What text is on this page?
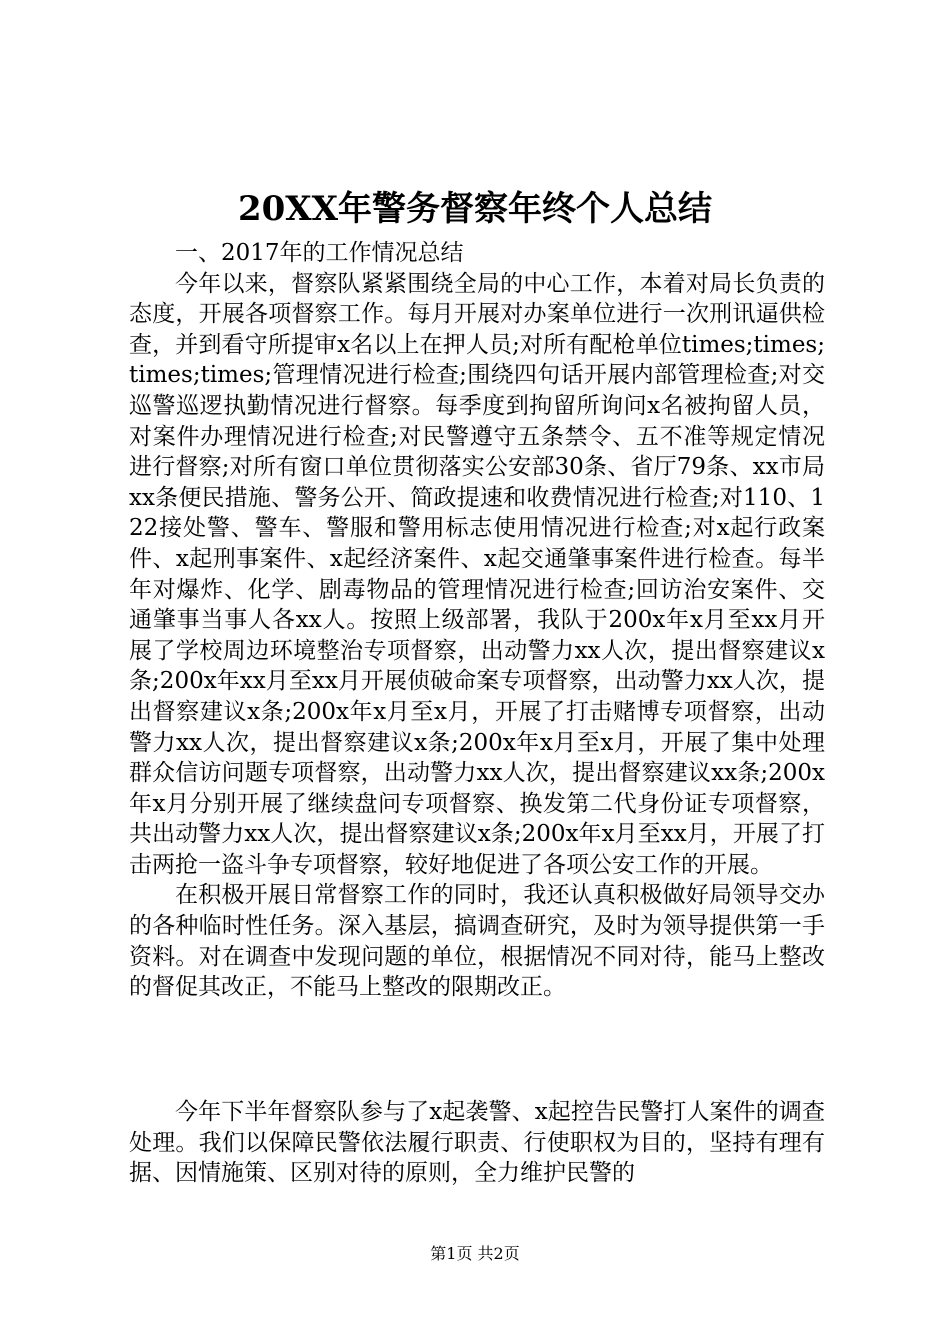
20XX年警务督察年终个人总结

一、2017年的工作情况总结

今年以来，督察队紧紧围绕全局的中心工作，本着对局长负责的态度，开展各项督察工作。每月开展对办案单位进行一次刑讯逼供检查，并到看守所提审x名以上在押人员;对所有配枪单位times;times;times;times;管理情况进行检查;围绕四句话开展内部管理检查;对交巡警巡逻执勤情况进行督察。每季度到拘留所询问x名被拘留人员，对案件办理情况进行检查;对民警遵守五条禁令、五不准等规定情况进行督察;对所有窗口单位贯彻落实公安部30条、省厅79条、xx市局xx条便民措施、警务公开、简政提速和收费情况进行检查;对110、122接处警、警车、警服和警用标志使用情况进行检查;对x起行政案件、x起刑事案件、x起经济案件、x起交通肇事案件进行检查。每半年对爆炸、化学、剧毒物品的管理情况进行检查;回访治安案件、交通肇事当事人各xx人。按照上级部署，我队于200x年x月至xx月开展了学校周边环境整治专项督察，出动警力xx人次，提出督察建议x条;200x年xx月至xx月开展侦破命案专项督察，出动警力xx人次，提出督察建议x条;200x年x月至x月，开展了打击赌博专项督察，出动警力xx人次，提出督察建议x条;200x年x月至x月，开展了集中处理群众信访问题专项督察，出动警力xx人次，提出督察建议xx条;200x年x月分别开展了继续盘问专项督察、换发第二代身份证专项督察，共出动警力xx人次，提出督察建议x条;200x年x月至xx月，开展了打击两抢一盗斗争专项督察，较好地促进了各项公安工作的开展。

在积极开展日常督察工作的同时，我还认真积极做好局领导交办的各种临时性任务。深入基层，搞调查研究，及时为领导提供第一手资料。对在调查中发现问题的单位，根据情况不同对待，能马上整改的督促其改正，不能马上整改的限期改正。

今年下半年督察队参与了x起袭警、x起控告民警打人案件的调查处理。我们以保障民警依法履行职责、行使职权为目的，坚持有理有据、因情施策、区别对待的原则，全力维护民警的

第1页 共2页
